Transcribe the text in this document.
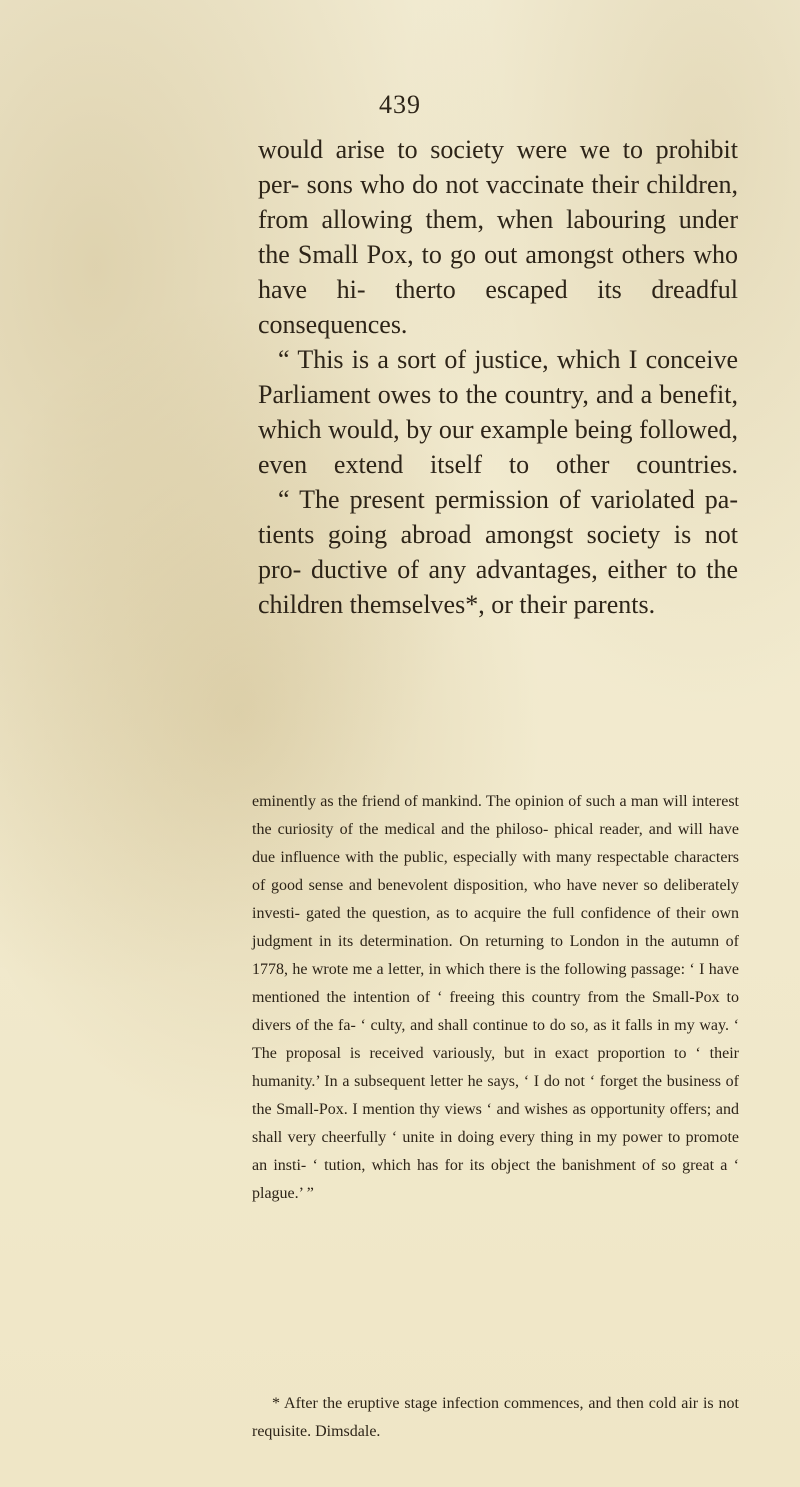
439

would arise to society were we to prohibit per- sons who do not vaccinate their children, from allowing them, when labouring under the Small Pox, to go out amongst others who have hi- therto escaped its dreadful consequences.

“ This is a sort of justice, which I conceive Parliament owes to the country, and a benefit, which would, by our example being followed, even extend itself to other countries.

“ The present permission of variolated pa- tients going abroad amongst society is not pro- ductive of any advantages, either to the children themselves*, or their parents.

eminently as the friend of mankind. The opinion of such a man will interest the curiosity of the medical and the philoso- phical reader, and will have due influence with the public, especially with many respectable characters of good sense and benevolent disposition, who have never so deliberately investi- gated the question, as to acquire the full confidence of their own judgment in its determination. On returning to London in the autumn of 1778, he wrote me a letter, in which there is the following passage: ‘ I have mentioned the intention of ‘ freeing this country from the Small-Pox to divers of the fa- ‘ culty, and shall continue to do so, as it falls in my way. ‘ The proposal is received variously, but in exact proportion to ‘ their humanity.’ In a subsequent letter he says, ‘ I do not ‘ forget the business of the Small-Pox. I mention thy views ‘ and wishes as opportunity offers; and shall very cheerfully ‘ unite in doing every thing in my power to promote an insti- ‘ tution, which has for its object the banishment of so great a ‘ plague.’ ”

* After the eruptive stage infection commences, and then cold air is not requisite. Dimsdale.
